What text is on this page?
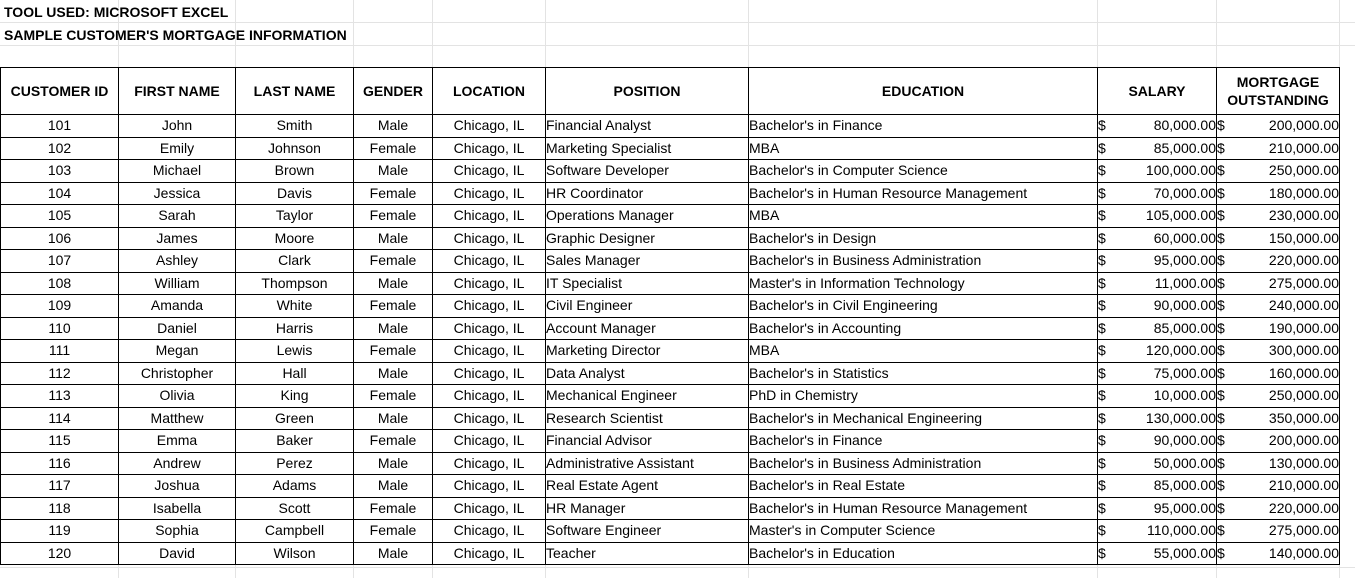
TOOL USED: MICROSOFT EXCEL
SAMPLE CUSTOMER'S MORTGAGE INFORMATION
CUSTOMER ID	FIRST NAME	LAST NAME	GENDER	LOCATION	POSITION	EDUCATION	SALARY	MORTGAGE
OUTSTANDING

101	John	Smith	Male	Chicago, IL	Financial Analyst	Bachelor's in Finance	$ 80,000.00	$ 200,000.00

102	Emily	Johnson	Female	Chicago, IL	Marketing Specialist	MBA	$ 85,000.00	$ 210,000.00

103	Michael	Brown	Male	Chicago, IL	Software Developer	Bachelor's in Computer Science	$ 100,000.00	$ 250,000.00

104	Jessica	Davis	Female	Chicago, IL	HR Coordinator	Bachelor's in Human Resource Management	$ 70,000.00	$ 180,000.00

105	Sarah	Taylor	Female	Chicago, IL	Operations Manager	MBA	$ 105,000.00	$ 230,000.00

106	James	Moore	Male	Chicago, IL	Graphic Designer	Bachelor's in Design	$ 60,000.00	$ 150,000.00

107	Ashley	Clark	Female	Chicago, IL	Sales Manager	Bachelor's in Business Administration	$ 95,000.00	$ 220,000.00

108	William	Thompson	Male	Chicago, IL	IT Specialist	Master's in Information Technology	$ 11,000.00	$ 275,000.00

109	Amanda	White	Female	Chicago, IL	Civil Engineer	Bachelor's in Civil Engineering	$ 90,000.00	$ 240,000.00

110	Daniel	Harris	Male	Chicago, IL	Account Manager	Bachelor's in Accounting	$ 85,000.00	$ 190,000.00

111	Megan	Lewis	Female	Chicago, IL	Marketing Director	MBA	$ 120,000.00	$ 300,000.00

112	Christopher	Hall	Male	Chicago, IL	Data Analyst	Bachelor's in Statistics	$ 75,000.00	$ 160,000.00

113	Olivia	King	Female	Chicago, IL	Mechanical Engineer	PhD in Chemistry	$ 10,000.00	$ 250,000.00

114	Matthew	Green	Male	Chicago, IL	Research Scientist	Bachelor's in Mechanical Engineering	$ 130,000.00	$ 350,000.00

115	Emma	Baker	Female	Chicago, IL	Financial Advisor	Bachelor's in Finance	$ 90,000.00	$ 200,000.00

116	Andrew	Perez	Male	Chicago, IL	Administrative Assistant	Bachelor's in Business Administration	$ 50,000.00	$ 130,000.00

117	Joshua	Adams	Male	Chicago, IL	Real Estate Agent	Bachelor's in Real Estate	$ 85,000.00	$ 210,000.00

118	Isabella	Scott	Female	Chicago, IL	HR Manager	Bachelor's in Human Resource Management	$ 95,000.00	$ 220,000.00

119	Sophia	Campbell	Female	Chicago, IL	Software Engineer	Master's in Computer Science	$ 110,000.00	$ 275,000.00

120	David	Wilson	Male	Chicago, IL	Teacher	Bachelor's in Education	$ 55,000.00	$ 140,000.00
